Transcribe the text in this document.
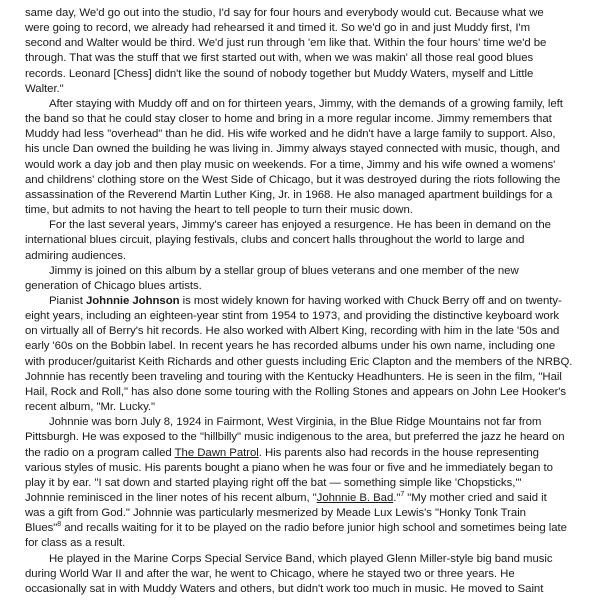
same day, We'd go out into the studio, I'd say for four hours and everybody would cut. Because what we
were going to record, we already had rehearsed it and timed it. So we'd go in and just Muddy first, I'm
second and Walter would be third. We'd just run through 'em like that. Within the four hours' time we'd be
through. That was the stuff that we first started out with, when we was makin' all those real good blues
records. Leonard [Chess] didn't like the sound of nobody together but Muddy Waters, myself and Little
Walter."
After staying with Muddy off and on for thirteen years, Jimmy, with the demands of a growing family, left
the band so that he could stay closer to home and bring in a more regular income. Jimmy remembers that
Muddy had less "overhead" than he did. His wife worked and he didn't have a large family to support. Also,
his uncle Dan owned the building he was living in. Jimmy always stayed connected with music, though, and
would work a day job and then play music on weekends. For a time, Jimmy and his wife owned a womens'
and childrens' clothing store on the West Side of Chicago, but it was destroyed during the riots following the
assassination of the Reverend Martin Luther King, Jr. in 1968. He also managed apartment buildings for a
time, but admits to not having the heart to tell people to turn their music down.
For the last several years, Jimmy's career has enjoyed a resurgence. He has been in demand on the
international blues circuit, playing festivals, clubs and concert halls throughout the world to large and
admiring audiences.
Jimmy is joined on this album by a stellar group of blues veterans and one member of the new
generation of Chicago blues artists.
Pianist Johnnie Johnson is most widely known for having worked with Chuck Berry off and on twenty-
eight years, including an eighteen-year stint from 1954 to 1973, and providing the distinctive keyboard work
on virtually all of Berry's hit records. He also worked with Albert King, recording with him in the late '50s and
early '60s on the Bobbin label. In recent years he has recorded albums under his own name, including one
with producer/guitarist Keith Richards and other guests including Eric Clapton and the members of the NRBQ.
Johnnie has recently been traveling and touring with the Kentucky Headhunters. He is seen in the film, "Hail
Hail, Rock and Roll," has also done some touring with the Rolling Stones and appears on John Lee Hooker's
recent album, "Mr. Lucky."
Johnnie was born July 8, 1924 in Fairmont, West Virginia, in the Blue Ridge Mountains not far from
Pittsburgh. He was exposed to the "hillbilly" music indigenous to the area, but preferred the jazz he heard on
the radio on a program called The Dawn Patrol. His parents also had records in the house representing
various styles of music. His parents bought a piano when he was four or five and he immediately began to
play it by ear. "I sat down and started playing right off the bat — something simple like 'Chopsticks,'"
Johnnie reminisced in the liner notes of his recent album, "Johnnie B. Bad."$^7$ "My mother cried and said it
was a gift from God." Johnnie was particularly mesmerized by Meade Lux Lewis's "Honky Tonk Train
Blues"$^8$ and recalls waiting for it to be played on the radio before junior high school and sometimes being late
for class as a result.
He played in the Marine Corps Special Service Band, which played Glenn Miller-style big band music
during World War II and after the war, he went to Chicago, where he stayed two or three years. He
occasionally sat in with Muddy Waters and others, but didn't work too much in music. He moved to Saint
